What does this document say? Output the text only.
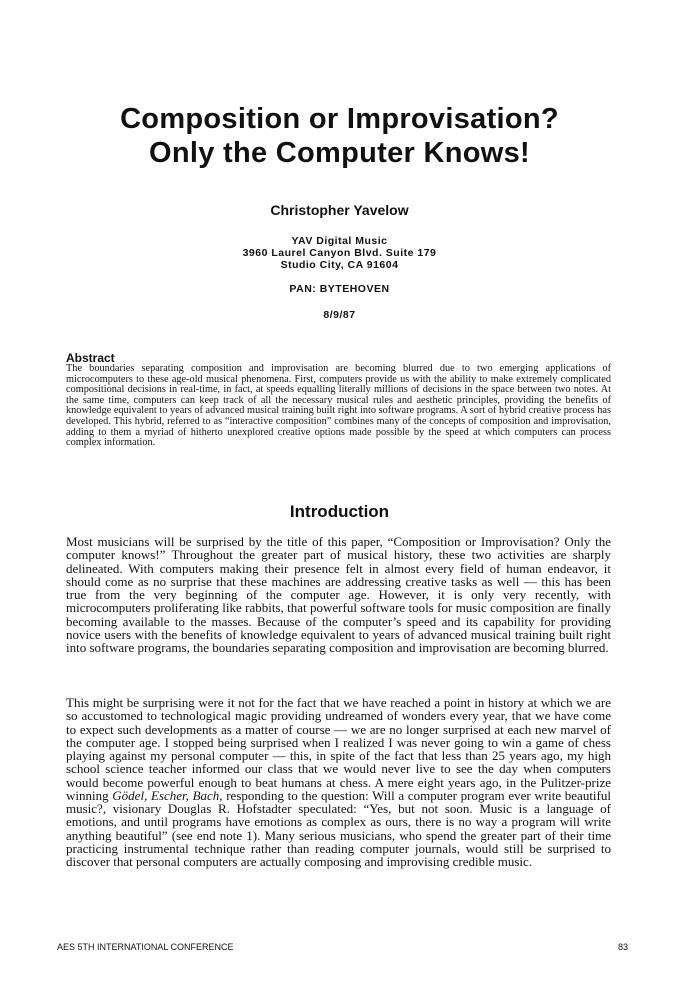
Composition or Improvisation?
Only the Computer Knows!
Christopher Yavelow
YAV Digital Music
3960 Laurel Canyon Blvd. Suite 179
Studio City, CA 91604
PAN: BYTEHOVEN
8/9/87
Abstract

The boundaries separating composition and improvisation are becoming blurred due to two emerging applications of microcomputers to these age-old musical phenomena. First, computers provide us with the ability to make extremely complicated compositional decisions in real-time, in fact, at speeds equalling literally millions of decisions in the space between two notes. At the same time, computers can keep track of all the necessary musical rules and aesthetic principles, providing the benefits of knowledge equivalent to years of advanced musical training built right into software programs. A sort of hybrid creative process has developed. This hybrid, referred to as “interactive composition” combines many of the concepts of composition and improvisation, adding to them a myriad of hitherto unexplored creative options made possible by the speed at which computers can process complex information.

Introduction

Most musicians will be surprised by the title of this paper, “Composition or Improvisation? Only the computer knows!” Throughout the greater part of musical history, these two activities are sharply delineated. With computers making their presence felt in almost every field of human endeavor, it should come as no surprise that these machines are addressing creative tasks as well — this has been true from the very beginning of the computer age. However, it is only very recently, with microcomputers proliferating like rabbits, that powerful software tools for music composition are finally becoming available to the masses. Because of the computer’s speed and its capability for providing novice users with the benefits of knowledge equivalent to years of advanced musical training built right into software programs, the boundaries separating composition and improvisation are becoming blurred.

This might be surprising were it not for the fact that we have reached a point in history at which we are so accustomed to technological magic providing undreamed of wonders every year, that we have come to expect such developments as a matter of course — we are no longer surprised at each new marvel of the computer age. I stopped being surprised when I realized I was never going to win a game of chess playing against my personal computer — this, in spite of the fact that less than 25 years ago, my high school science teacher informed our class that we would never live to see the day when computers would become powerful enough to beat humans at chess. A mere eight years ago, in the Pulitzer-prize winning Gödel, Escher, Bach, responding to the question: Will a computer program ever write beautiful music?, visionary Douglas R. Hofstadter speculated: “Yes, but not soon. Music is a language of emotions, and until programs have emotions as complex as ours, there is no way a program will write anything beautiful” (see end note 1). Many serious musicians, who spend the greater part of their time practicing instrumental technique rather than reading computer journals, would still be surprised to discover that personal computers are actually composing and improvising credible music.

AES 5TH INTERNATIONAL CONFERENCE	83
